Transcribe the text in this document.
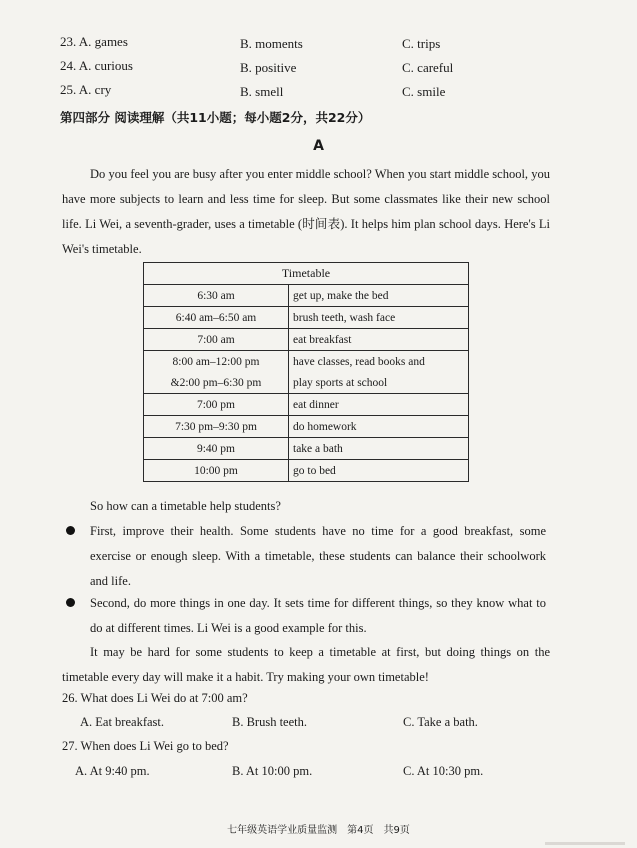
23. A. games	B. moments	C. trips
24. A. curious	B. positive	C. careful
25. A. cry	B. smell	C. smile
第四部分 阅读理解（共11小题；每小题2分，共22分）
A
Do you feel you are busy after you enter middle school? When you start middle school, you have more subjects to learn and less time for sleep. But some classmates like their new school life. Li Wei, a seventh-grader, uses a timetable (时间表). It helps him plan school days. Here's Li Wei's timetable.
Timetable	
6:30 am	get up, make the bed
6:40 am–6:50 am	brush teeth, wash face
7:00 am	eat breakfast
8:00 am–12:00 pm	have classes, read books and
&2:00 pm–6:30 pm	play sports at school
7:00 pm	eat dinner
7:30 pm–9:30 pm	do homework
9:40 pm	take a bath
10:00 pm	go to bed
So how can a timetable help students?
First, improve their health. Some students have no time for a good breakfast, some exercise or enough sleep. With a timetable, these students can balance their schoolwork and life.
Second, do more things in one day. It sets time for different things, so they know what to do at different times. Li Wei is a good example for this.
It may be hard for some students to keep a timetable at first, but doing things on the timetable every day will make it a habit. Try making your own timetable!
26. What does Li Wei do at 7:00 am?
A. Eat breakfast.	B. Brush teeth.	C. Take a bath.
27. When does Li Wei go to bed?
A. At 9:40 pm.	B. At 10:00 pm.	C. At 10:30 pm.
七年级英语学业质量监测　第4页　共9页
